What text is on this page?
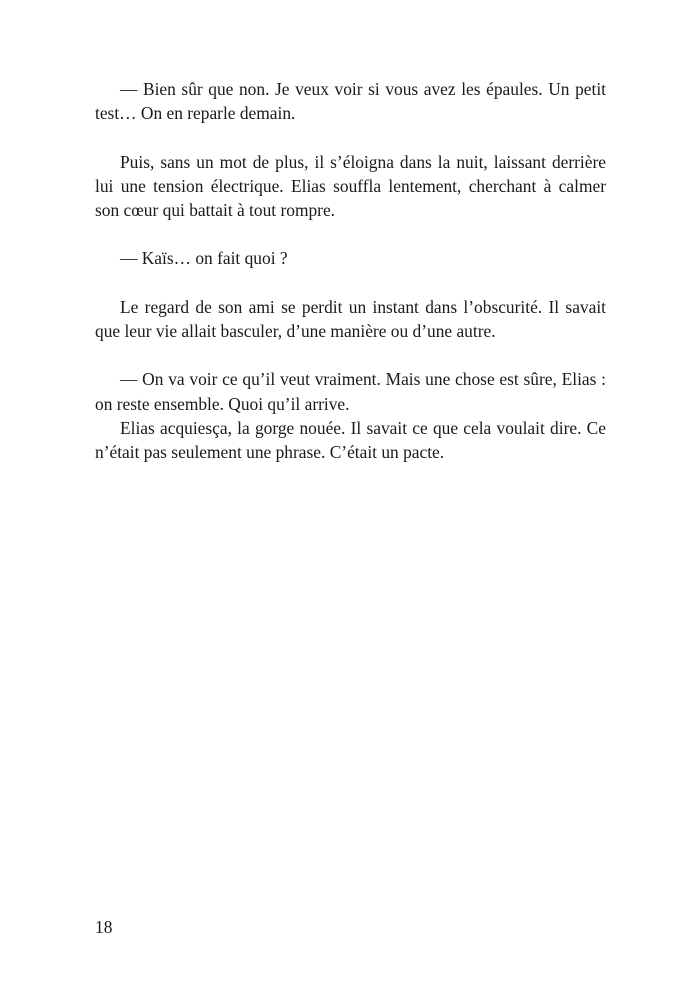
— Bien sûr que non. Je veux voir si vous avez les épaules. Un petit test… On en reparle demain.

Puis, sans un mot de plus, il s’éloigna dans la nuit, laissant derrière lui une tension électrique. Elias souffla lentement, cherchant à calmer son cœur qui battait à tout rompre.

— Kaïs… on fait quoi ?

Le regard de son ami se perdit un instant dans l’obscurité. Il savait que leur vie allait basculer, d’une manière ou d’une autre.

— On va voir ce qu’il veut vraiment. Mais une chose est sûre, Elias : on reste ensemble. Quoi qu’il arrive.

Elias acquiesça, la gorge nouée. Il savait ce que cela voulait dire. Ce n’était pas seulement une phrase. C’était un pacte.

18
